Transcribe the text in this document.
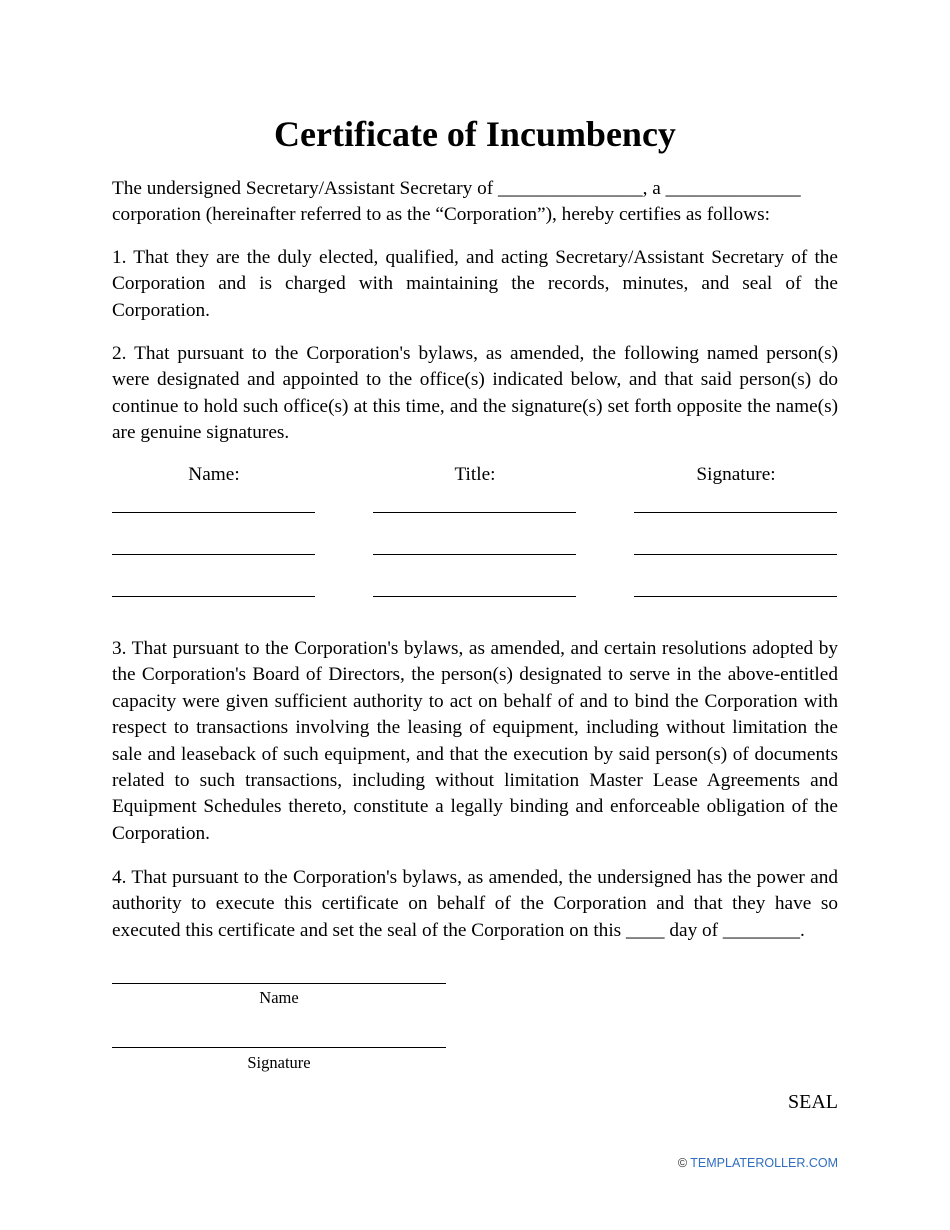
Certificate of Incumbency
The undersigned Secretary/Assistant Secretary of _______________, a ______________
corporation (hereinafter referred to as the “Corporation”), hereby certifies as follows:

1. That they are the duly elected, qualified, and acting Secretary/Assistant Secretary of the Corporation and is charged with maintaining the records, minutes, and seal of the Corporation.

2. That pursuant to the Corporation's bylaws, as amended, the following named person(s) were designated and appointed to the office(s) indicated below, and that said person(s) do continue to hold such office(s) at this time, and the signature(s) set forth opposite the name(s) are genuine signatures.

Name:	Title:	Signature:

3. That pursuant to the Corporation's bylaws, as amended, and certain resolutions adopted by the Corporation's Board of Directors, the person(s) designated to serve in the above-entitled capacity were given sufficient authority to act on behalf of and to bind the Corporation with respect to transactions involving the leasing of equipment, including without limitation the sale and leaseback of such equipment, and that the execution by said person(s) of documents related to such transactions, including without limitation Master Lease Agreements and Equipment Schedules thereto, constitute a legally binding and enforceable obligation of the Corporation.

4. That pursuant to the Corporation's bylaws, as amended, the undersigned has the power and authority to execute this certificate on behalf of the Corporation and that they have so executed this certificate and set the seal of the Corporation on this ____ day of ________.

Name
Signature
SEAL
© TEMPLATEROLLER.COM
